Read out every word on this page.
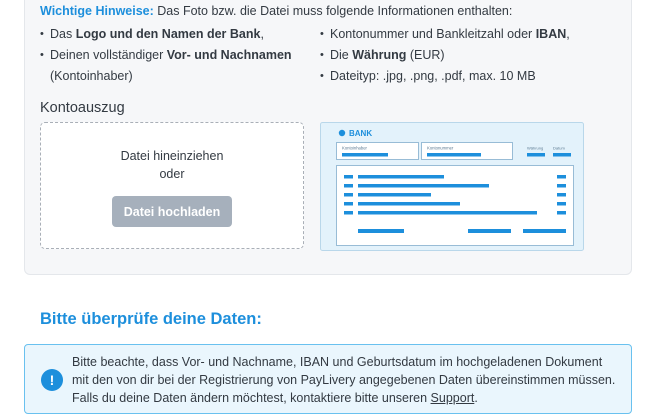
Wichtige Hinweise: Das Foto bzw. die Datei muss folgende Informationen enthalten:
• Das Logo und den Namen der Bank,
• Deinen vollständiger Vor- und Nachnamen
(Kontoinhaber)
• Kontonummer und Bankleitzahl oder IBAN,
• Die Währung (EUR)
• Dateityp: .jpg, .png, .pdf, max. 10 MB
Kontoauszug
Datei hineinziehen
oder
Datei hochladen
BANK
Kontoinhaber	Kontonummer	Währung Datum
Bitte überprüfe deine Daten:
!
Bitte beachte, dass Vor- und Nachname, IBAN und Geburtsdatum im hochgeladenen Dokument mit den von dir bei der Registrierung von PayLivery angegebenen Daten übereinstimmen müssen. Falls du deine Daten ändern möchtest, kontaktiere bitte unseren Support.
